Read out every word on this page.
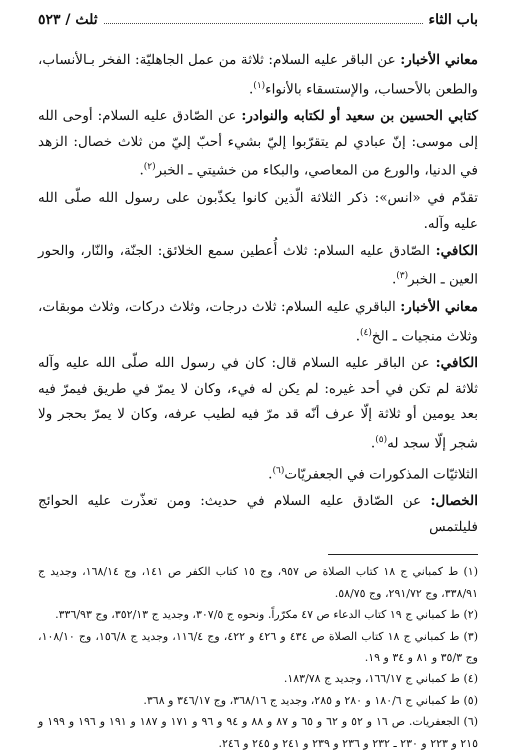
باب الثاء
ثلث / ٥٢٣

معاني الأخبار: عن الباقر عليه السلام: ثلاثة من عمل الجاهليّة: الفخر بـالأنساب، والطعن بالأحساب، والإستسقاء بالأنواء$^{(١)}$.

كتابي الحسين بن سعيد أو لكتابه والنوادر: عن الصّادق عليه السلام: أوحى الله إلى موسى: إنّ عبادي لم يتقرّبوا إليّ بشيء أحبّ إليّ من ثلاث خصال: الزهد في الدنيا، والورع من المعاصي، والبكاء من خشيتي ـ الخبر$^{(٢)}$.

تقدّم في «انس»: ذكر الثلاثة الّذين كانوا يكذّبون على رسول الله صلّى الله عليه وآله.

الكافي: الصّادق عليه السلام: ثلاث أُعطين سمع الخلائق: الجنّة، والنّار، والحور العين ـ الخبر$^{(٣)}$.

معاني الأخبار: الباقري عليه السلام: ثلاث درجات، وثلاث دركات، وثلاث موبقات، وثلاث منجيات ـ الخ$^{(٤)}$.

الكافي: عن الباقر عليه السلام قال: كان في رسول الله صلّى الله عليه وآله ثلاثة لم تكن في أحد غيره: لم يكن له فيء، وكان لا يمرّ في طريق فيمرّ فيه بعد يومين أو ثلاثة إلّا عرف أنّه قد مرّ فيه لطيب عرفه، وكان لا يمرّ بحجر ولا شجر إلّا سجد له$^{(٥)}$.

الثلاثيّات المذكورات في الجعفريّات$^{(٦)}$.

الخصال: عن الصّادق عليه السلام في حديث: ومن تعذّرت عليه الحوائج فليلتمس

(١) ط كمباني ج ١٨ كتاب الصلاة ص ٩٥٧، وج ١٥ كتاب الكفر ص ١٤١، وج ١٦٨/١٤، وجديد ج ٣٣٨/٩١، وج ٢٩١/٧٢، وج ٥٨/٧٥.
(٢) ط كمباني ج ١٩ كتاب الدعاء ص ٤٧ مكرّراً. ونحوه ج ٣٠٧/٥، وجديد ج ٣٥٢/١٣، وج ٣٣٦/٩٣.
(٣) ط كمباني ج ١٨ كتاب الصلاة ص ٤٣٤ و ٤٢٦ و ٤٢٢، وج ١١٦/٤، وجديد ج ١٥٦/٨، وج ١٠٨/١٠، وج ٣٥/٣ و ٨١ و ٣٤ و ١٩.
(٤) ط كمباني ج ١٦٦/١٧، وجديد ج ١٨٣/٧٨.
(٥) ط كمباني ج ١٨٠/٦ و ٢٨٠ و ٢٨٥، وجديد ج ٣٦٨/١٦، وج ٣٤٦/١٧ و ٣٦٨.
(٦) الجعفريات. ص ١٦ و ٥٢ و ٦٢ و ٦٥ و ٨٧ و ٨٨ و ٩٤ و ٩٦ و ١٧١ و ١٨٧ و ١٩١ و ١٩٦ و ١٩٩ و ٢١٥ و ٢٢٣ و ٢٣٠ ـ ٢٣٢ و ٢٣٦ و ٢٣٩ و ٢٤١ و ٢٤٥ و ٢٤٦.
